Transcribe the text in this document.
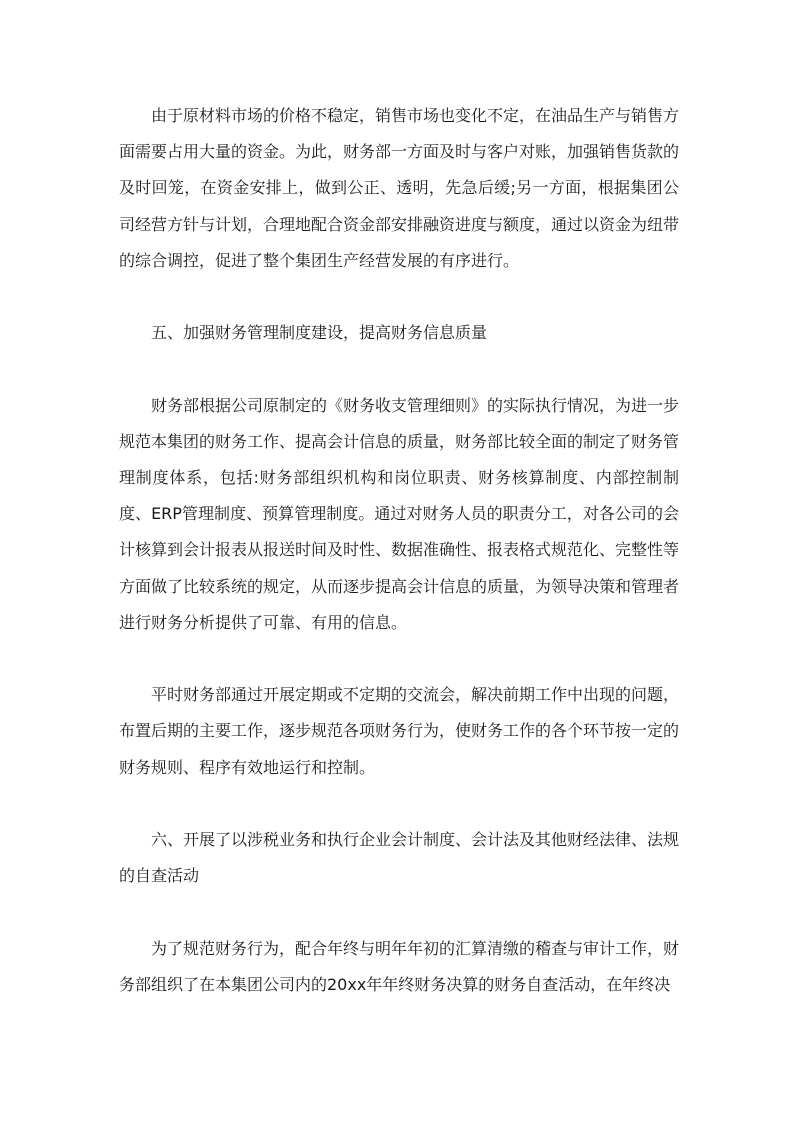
由于原材料市场的价格不稳定，销售市场也变化不定，在油品生产与销售方面需要占用大量的资金。为此，财务部一方面及时与客户对账，加强销售货款的及时回笼，在资金安排上，做到公正、透明，先急后缓;另一方面，根据集团公司经营方针与计划，合理地配合资金部安排融资进度与额度，通过以资金为纽带的综合调控，促进了整个集团生产经营发展的有序进行。

五、加强财务管理制度建设，提高财务信息质量

财务部根据公司原制定的《财务收支管理细则》的实际执行情况，为进一步规范本集团的财务工作、提高会计信息的质量，财务部比较全面的制定了财务管理制度体系，包括:财务部组织机构和岗位职责、财务核算制度、内部控制制度、ERP管理制度、预算管理制度。通过对财务人员的职责分工，对各公司的会计核算到会计报表从报送时间及时性、数据准确性、报表格式规范化、完整性等方面做了比较系统的规定，从而逐步提高会计信息的质量，为领导决策和管理者进行财务分析提供了可靠、有用的信息。

平时财务部通过开展定期或不定期的交流会，解决前期工作中出现的问题，布置后期的主要工作，逐步规范各项财务行为，使财务工作的各个环节按一定的财务规则、程序有效地运行和控制。

六、开展了以涉税业务和执行企业会计制度、会计法及其他财经法律、法规的自查活动

为了规范财务行为，配合年终与明年年初的汇算清缴的稽查与审计工作，财务部组织了在本集团公司内的20xx年年终财务决算的财务自查活动，在年终决
